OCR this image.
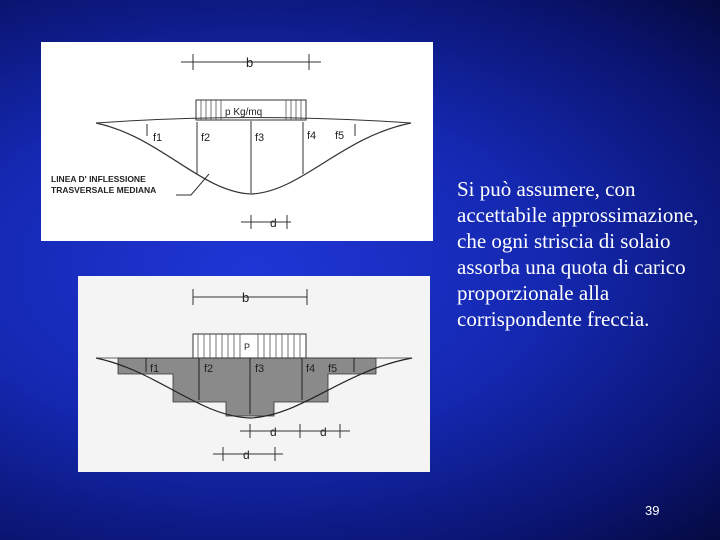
b
p Kg/mq
f1	f2	f3	f4 f5
LINEA D' INFLESSIONE
TRASVERSALE MEDIANA
d
b
P
f1	f2	f3	f4 f5
d	d
d
Si può assumere, con accettabile approssimazione, che ogni striscia di solaio assorba una quota di carico proporzionale alla corrispondente freccia.
39
